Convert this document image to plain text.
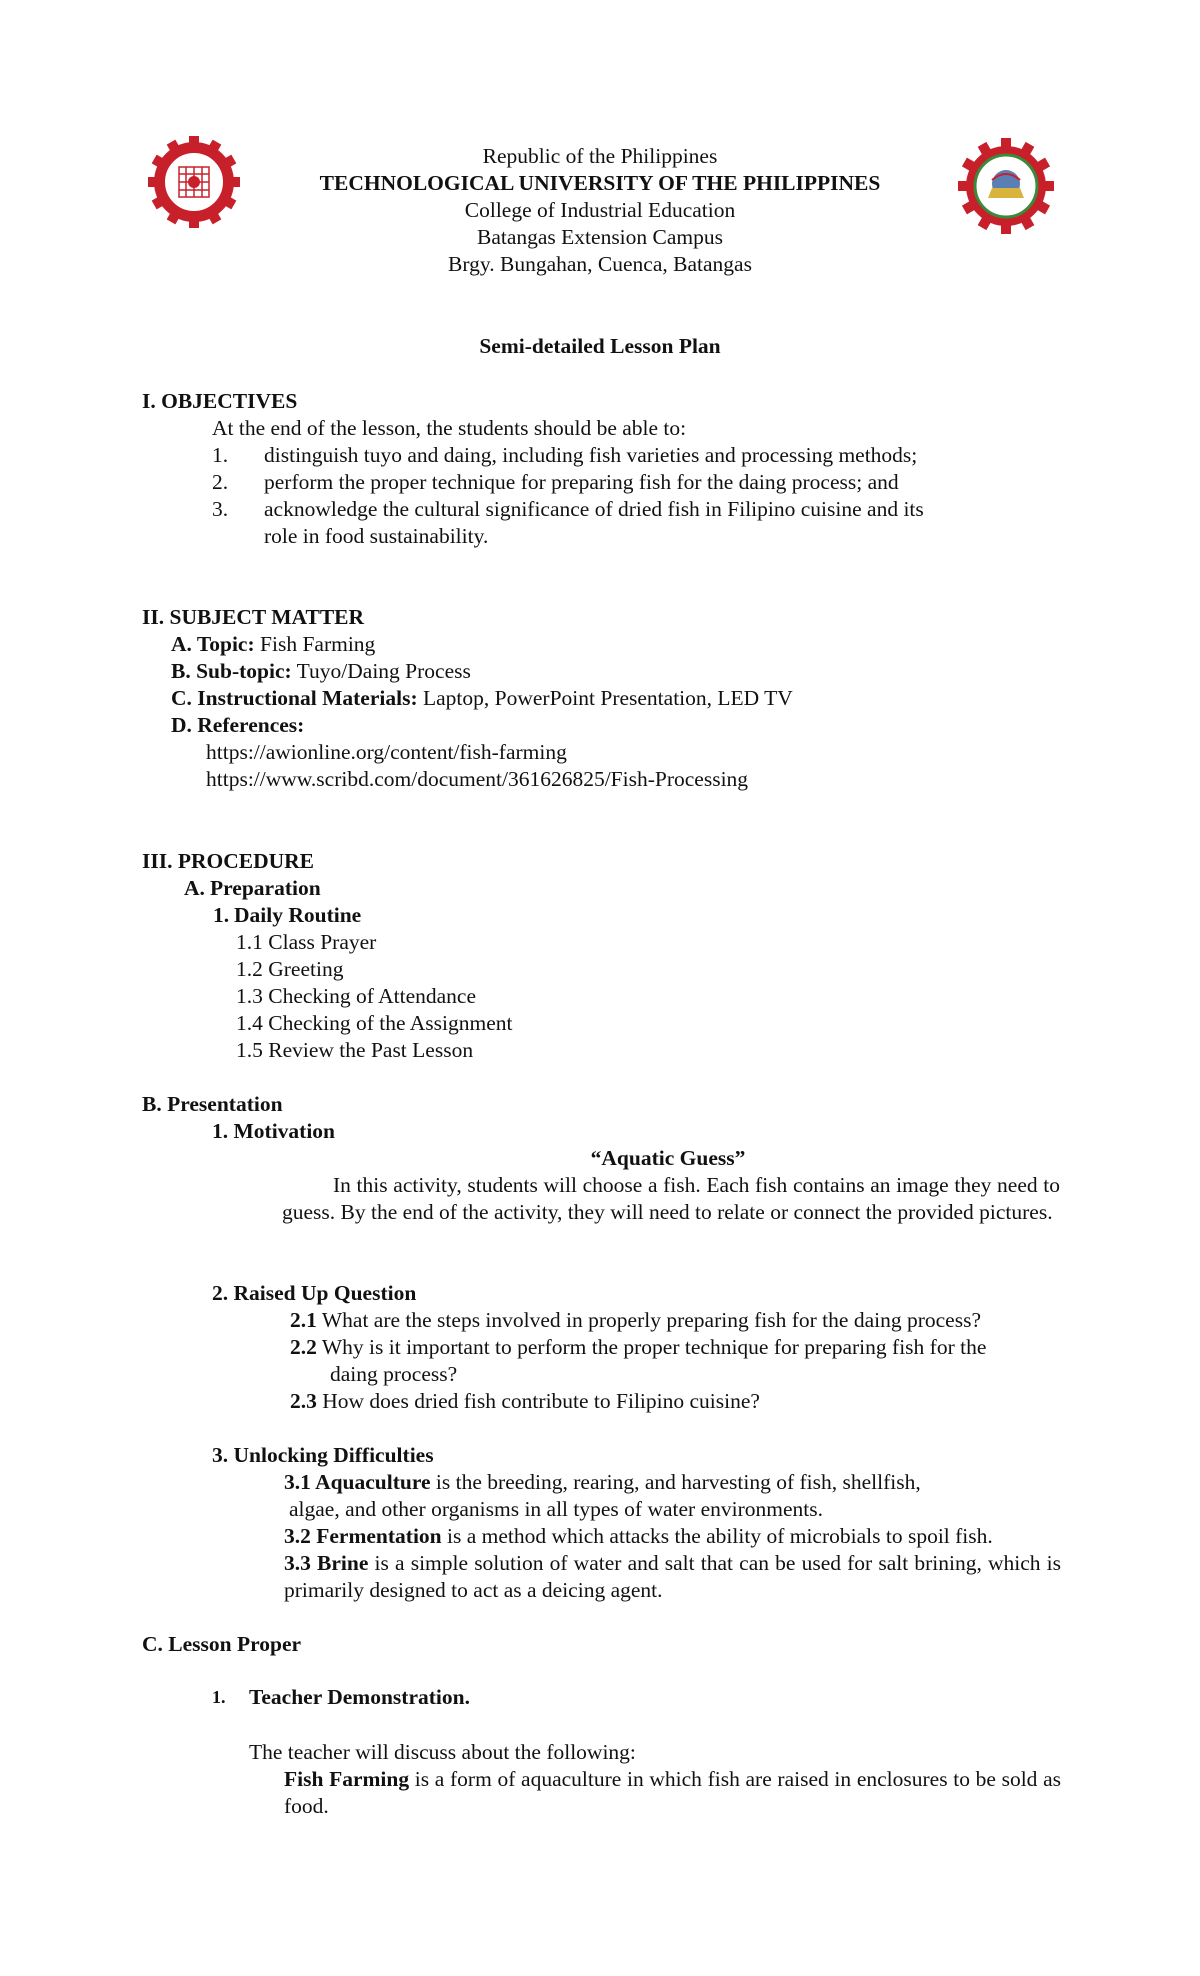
Republic of the Philippines
TECHNOLOGICAL UNIVERSITY OF THE PHILIPPINES
College of Industrial Education
Batangas Extension Campus
Brgy. Bungahan, Cuenca, Batangas
Semi-detailed Lesson Plan
I. OBJECTIVES
At the end of the lesson, the students should be able to:
1. distinguish tuyo and daing, including fish varieties and processing methods;
2. perform the proper technique for preparing fish for the daing process; and
3. acknowledge the cultural significance of dried fish in Filipino cuisine and its
role in food sustainability.
II. SUBJECT MATTER
A. Topic: Fish Farming
B. Sub-topic: Tuyo/Daing Process
C. Instructional Materials: Laptop, PowerPoint Presentation, LED TV
D. References:
https://awionline.org/content/fish-farming
https://www.scribd.com/document/361626825/Fish-Processing
III. PROCEDURE
A. Preparation
1. Daily Routine
1.1 Class Prayer
1.2 Greeting
1.3 Checking of Attendance
1.4 Checking of the Assignment
1.5 Review the Past Lesson
B. Presentation
1. Motivation
“Aquatic Guess”
In this activity, students will choose a fish. Each fish contains an image they need to guess. By the end of the activity, they will need to relate or connect the provided pictures.
2. Raised Up Question
2.1 What are the steps involved in properly preparing fish for the daing process?
2.2 Why is it important to perform the proper technique for preparing fish for the
daing process?
2.3 How does dried fish contribute to Filipino cuisine?
3. Unlocking Difficulties
3.1 Aquaculture is the breeding, rearing, and harvesting of fish, shellfish,
algae, and other organisms in all types of water environments.
3.2 Fermentation is a method which attacks the ability of microbials to spoil fish.
3.3 Brine is a simple solution of water and salt that can be used for salt brining, which is primarily designed to act as a deicing agent.
C. Lesson Proper
1. Teacher Demonstration.
The teacher will discuss about the following:
Fish Farming is a form of aquaculture in which fish are raised in enclosures to be sold as food.
